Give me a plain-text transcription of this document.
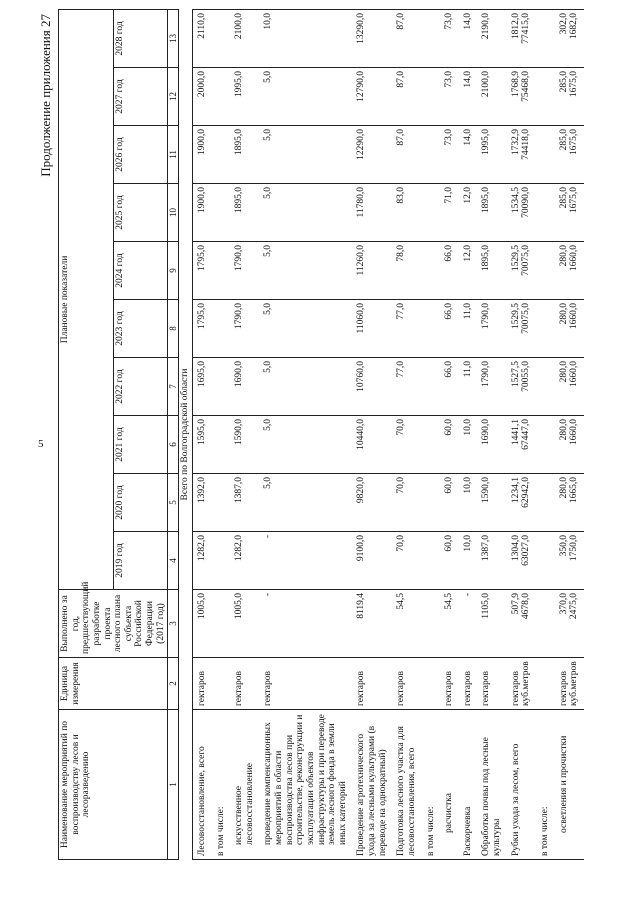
5
Продолжение приложения 27
Наименование мероприятий по воспроизводству лесов и лесоразведению	Единица измерения	Выполнено за год, предшествующий разработке проекта лесного плана субъекта Российской Федерации (2017 год)	Плановые показатели									
			2019 год	2020 год	2021 год	2022 год	2023 год	2024 год	2025 год	2026 год	2027 год	2028 год
1	2	3	4	5	6	7	8	9	10	11	12	13
Всего по Волгоградской области												
Лесовосстановление, всего	гектаров	1005,0	1282,0	1392,0	1595,0	1695,0	1795,0	1795,0	1900,0	1900,0	2000,0	2110,0

в том числе:												
искусственное лесовосстановление	гектаров	1005,0	1282,0	1387,0	1590,0	1690,0	1790,0	1790,0	1895,0	1895,0	1995,0	2100,0

проведение компенсационных мероприятий в области воспроизводства лесов при строительстве, реконструкции и эксплуатации объектов инфраструктуры и при переводе земель лесного фонда в земли иных категорий	гектаров	-	-	5,0	5,0	5,0	5,0	5,0	5,0	5,0	5,0	10,0

Проведение агротехнического ухода за лесными культурами (в переводе на однократный)	гектаров	8119,4	9100,0	9820,0	10440,0	10760,0	11060,0	11260,0	11780,0	12290,0	12790,0	13290,0

Подготовка лесного участка для лесовосстановления, всего	гектаров	54,5	70,0	70,0	70,0	77,0	77,0	78,0	83,0	87,0	87,0	87,0

в том числе:												
расчистка	гектаров	54,5	60,0	60,0	60,0	66,0	66,0	66,0	71,0	73,0	73,0	73,0

Раскорчевка	гектаров	-	10,0	10,0	10,0	11,0	11,0	12,0	12,0	14,0	14,0	14,0

Обработка почвы под лесные культуры	гектаров	1105,0	1387,0	1590,0	1690,0	1790,0	1790,0	1895,0	1895,0	1995,0	2100,0	2190,0

Рубки ухода за лесом, всего	гектаров куб.метров	507,9 4678,0	1304,0 63027,0	1234,1 62942,0	1441,1 67447,0	1527,5 70055,0	1529,5 70075,0	1529,5 70075,0	1534,5 70090,0	1732,9 74418,0	1768,9 75468,0	1812,0 77415,0

в том числе:												
осветления и прочистки	гектаров куб.метров	370,0 2475,0	350,0 1750,0	280,0 1665,0	280,0 1660,0	280,0 1660,0	280,0 1660,0	280,0 1660,0	285,0 1675,0	285,0 1675,0	285,0 1675,0	302,0 1682,0
